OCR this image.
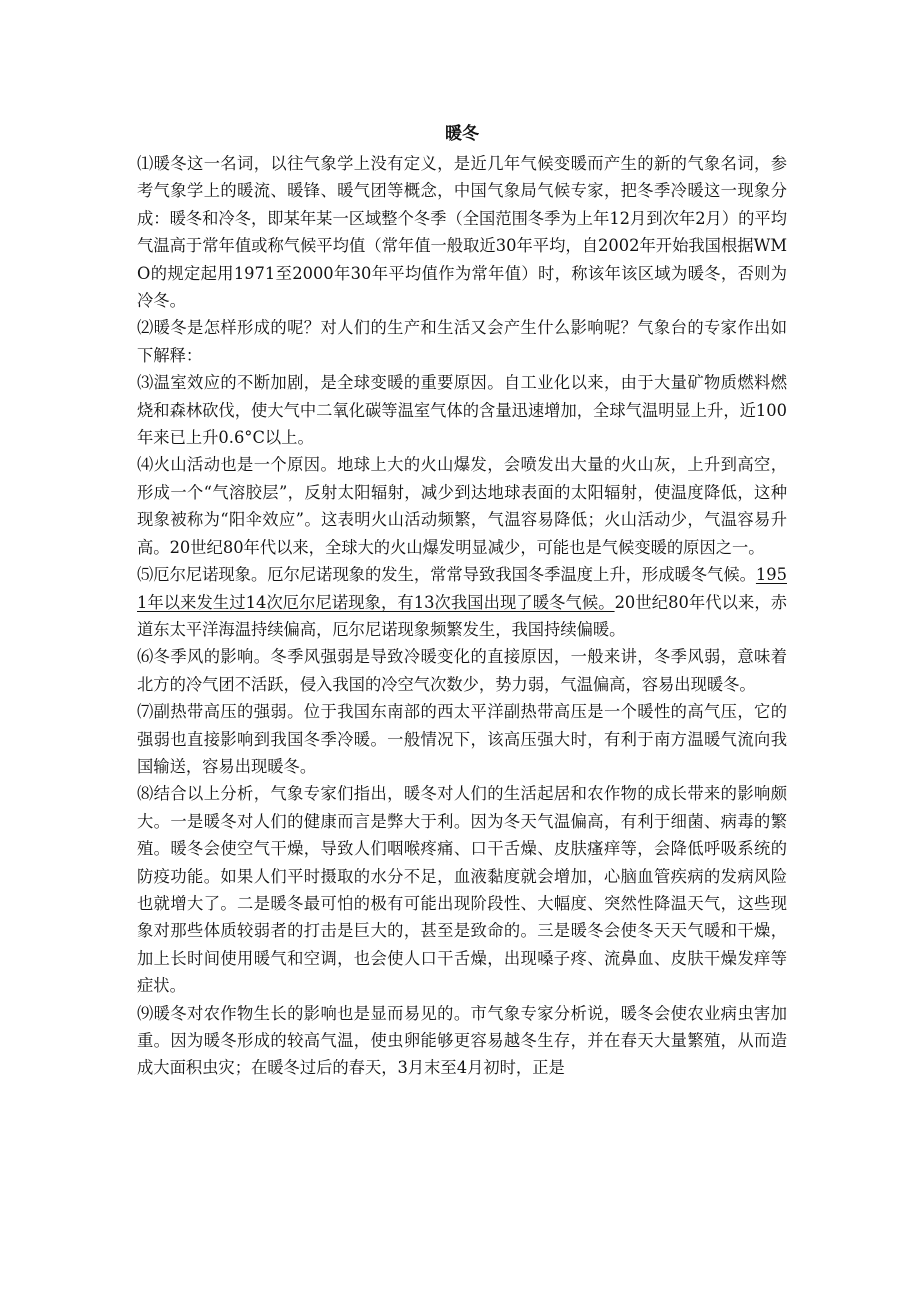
暖冬

⑴暖冬这一名词，以往气象学上没有定义，是近几年气候变暖而产生的新的气象名词，参考气象学上的暖流、暖锋、暖气团等概念，中国气象局气候专家，把冬季冷暖这一现象分成：暖冬和冷冬，即某年某一区域整个冬季（全国范围冬季为上年12月到次年2月）的平均气温高于常年值或称气候平均值（常年值一般取近30年平均，自2002年开始我国根据WMO的规定起用1971至2000年30年平均值作为常年值）时，称该年该区域为暖冬，否则为冷冬。

⑵暖冬是怎样形成的呢？对人们的生产和生活又会产生什么影响呢？气象台的专家作出如下解释：

⑶温室效应的不断加剧，是全球变暖的重要原因。自工业化以来，由于大量矿物质燃料燃烧和森林砍伐，使大气中二氧化碳等温室气体的含量迅速增加，全球气温明显上升，近100年来已上升0.6°C以上。

⑷火山活动也是一个原因。地球上大的火山爆发，会喷发出大量的火山灰，上升到高空，形成一个“气溶胶层”，反射太阳辐射，减少到达地球表面的太阳辐射，使温度降低，这种现象被称为“阳伞效应”。这表明火山活动频繁，气温容易降低；火山活动少，气温容易升高。20世纪80年代以来，全球大的火山爆发明显减少，可能也是气候变暖的原因之一。

⑸厄尔尼诺现象。厄尔尼诺现象的发生，常常导致我国冬季温度上升，形成暖冬气候。1951年以来发生过14次厄尔尼诺现象，有13次我国出现了暖冬气候。20世纪80年代以来，赤道东太平洋海温持续偏高，厄尔尼诺现象频繁发生，我国持续偏暖。

⑹冬季风的影响。冬季风强弱是导致冷暖变化的直接原因，一般来讲，冬季风弱，意味着北方的冷气团不活跃，侵入我国的冷空气次数少，势力弱，气温偏高，容易出现暖冬。

⑺副热带高压的强弱。位于我国东南部的西太平洋副热带高压是一个暖性的高气压，它的强弱也直接影响到我国冬季冷暖。一般情况下，该高压强大时，有利于南方温暖气流向我国输送，容易出现暖冬。

⑻结合以上分析，气象专家们指出，暖冬对人们的生活起居和农作物的成长带来的影响颇大。一是暖冬对人们的健康而言是弊大于利。因为冬天气温偏高，有利于细菌、病毒的繁殖。暖冬会使空气干燥，导致人们咽喉疼痛、口干舌燥、皮肤瘙痒等，会降低呼吸系统的防疫功能。如果人们平时摄取的水分不足，血液黏度就会增加，心脑血管疾病的发病风险也就增大了。二是暖冬最可怕的极有可能出现阶段性、大幅度、突然性降温天气，这些现象对那些体质较弱者的打击是巨大的，甚至是致命的。三是暖冬会使冬天天气暖和干燥，加上长时间使用暖气和空调，也会使人口干舌燥，出现嗓子疼、流鼻血、皮肤干燥发痒等症状。

⑼暖冬对农作物生长的影响也是显而易见的。市气象专家分析说，暖冬会使农业病虫害加重。因为暖冬形成的较高气温，使虫卵能够更容易越冬生存，并在春天大量繁殖，从而造成大面积虫灾；在暖冬过后的春天，3月末至4月初时，正是
